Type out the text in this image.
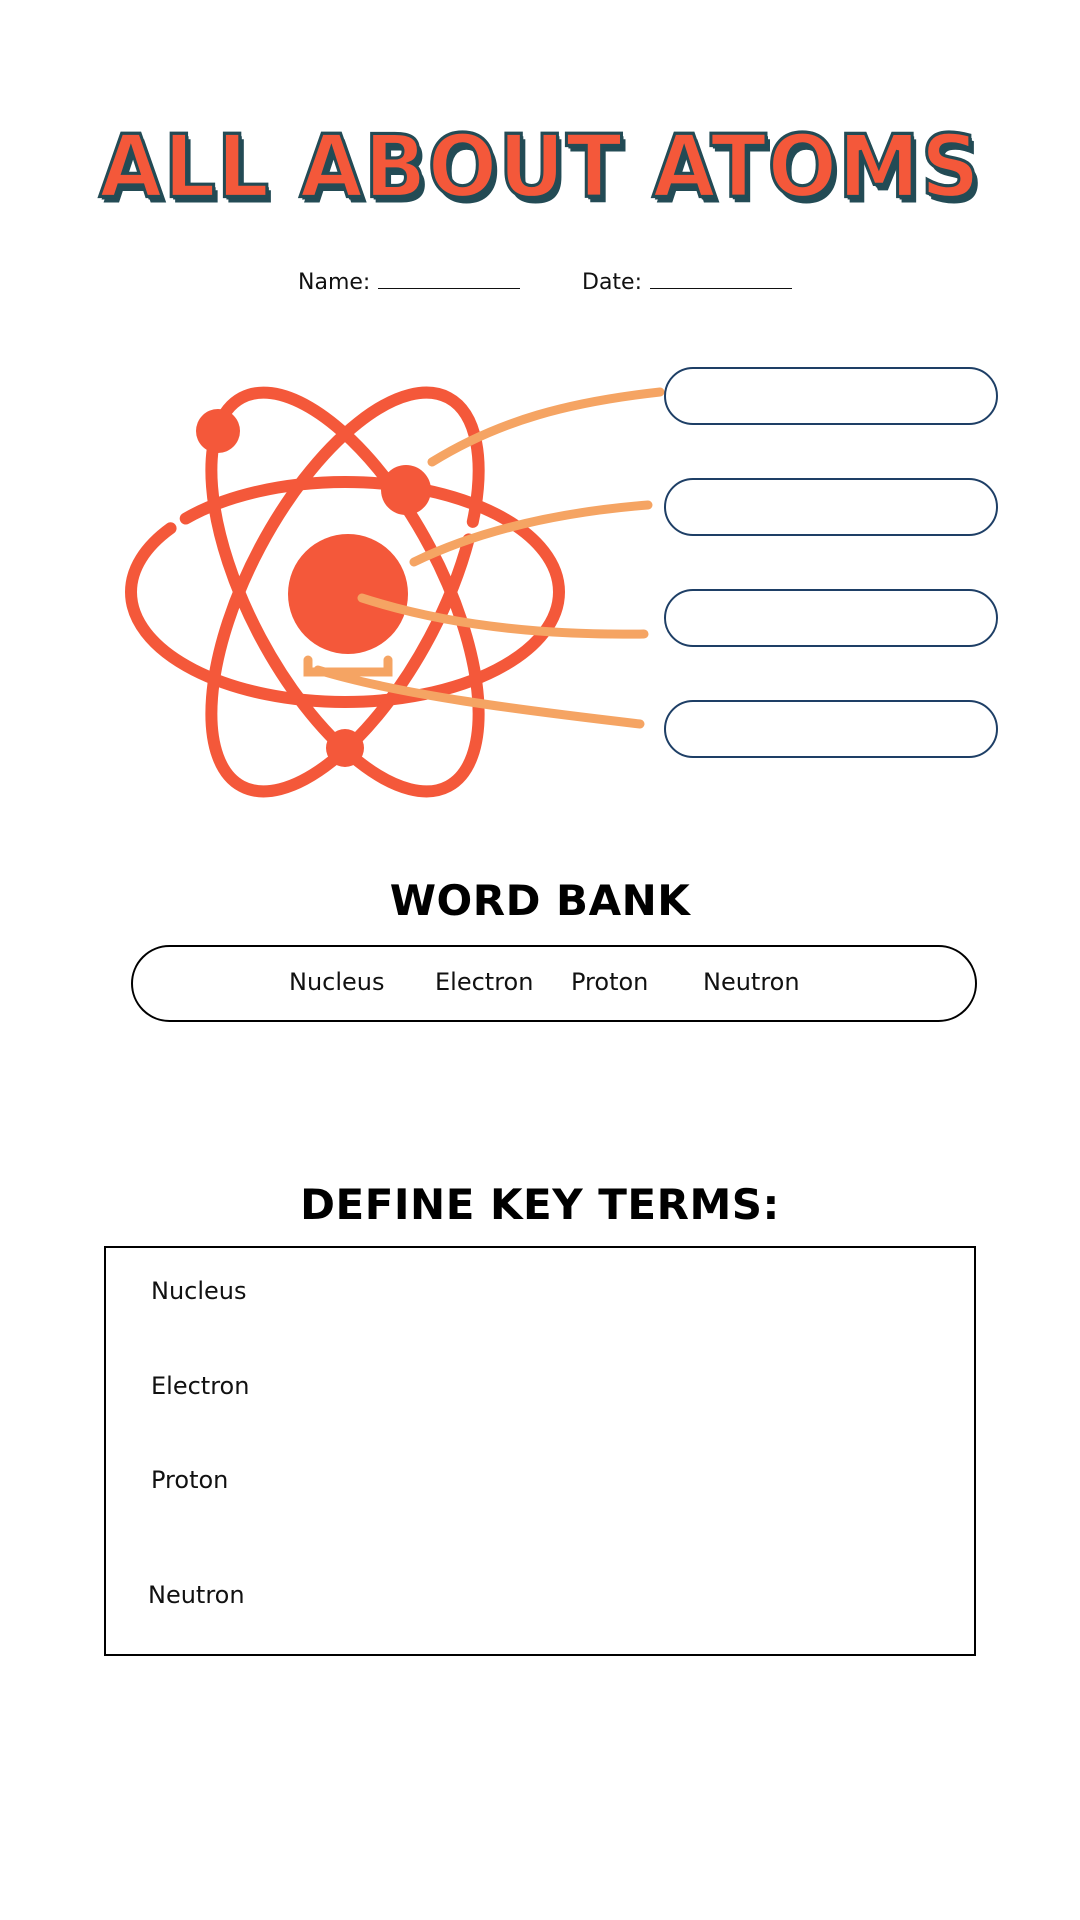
ALL ABOUT ATOMS
Name:	Date:
WORD BANK
Nucleus Electron Proton Neutron
DEFINE KEY TERMS:
Nucleus
Electron
Proton
Neutron
